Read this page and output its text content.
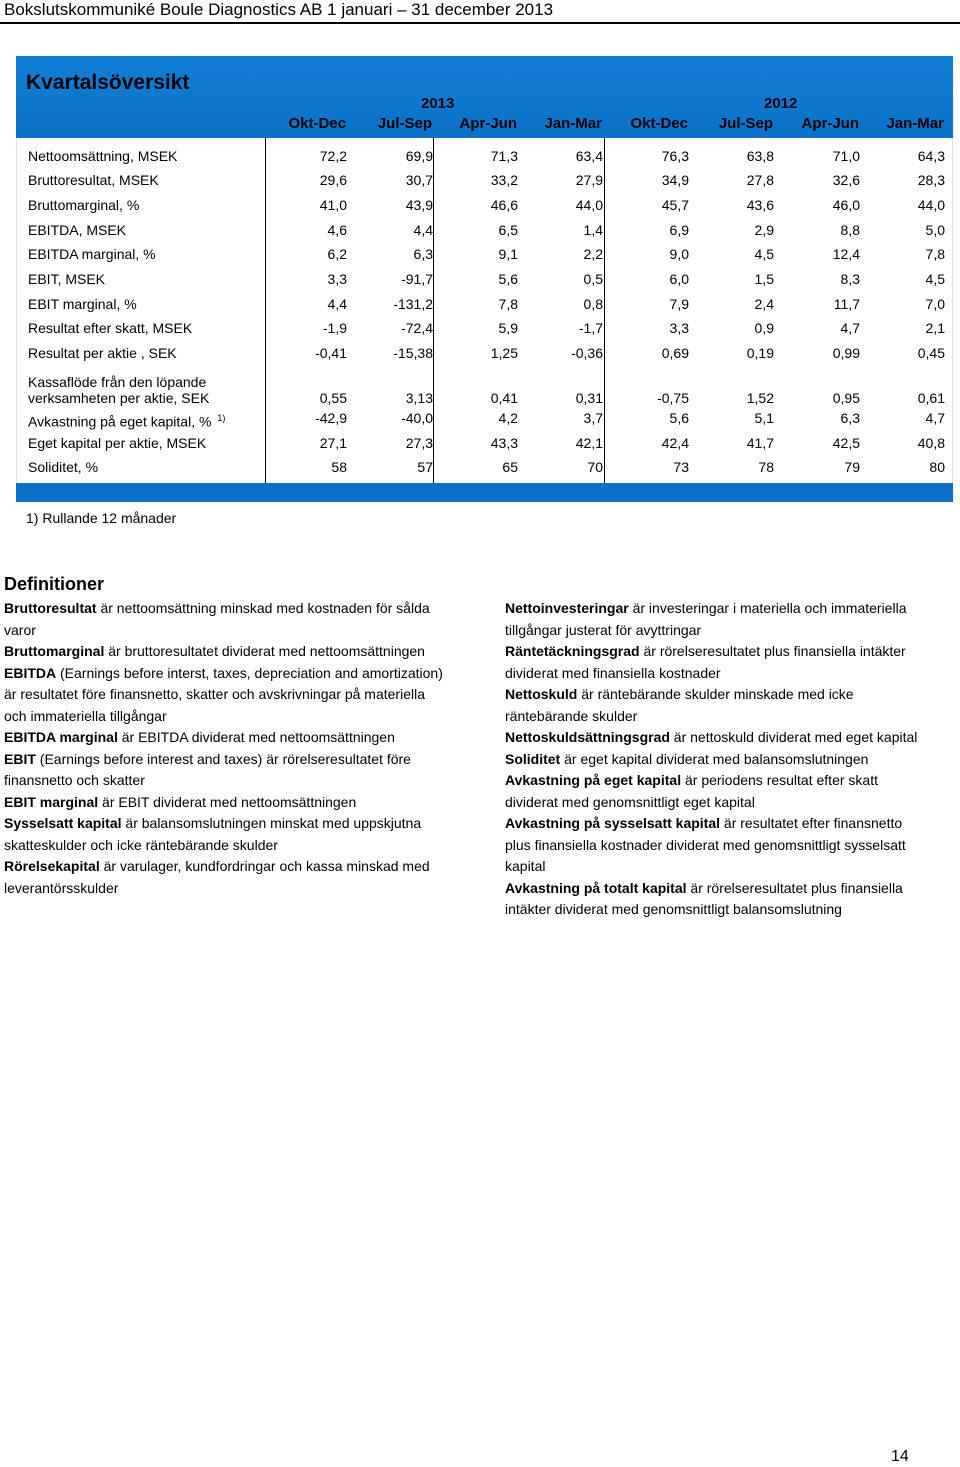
Bokslutskommuniké Boule Diagnostics AB 1 januari – 31 december 2013
Kvartalsöversikt
2013	2012
Okt-Dec	Jul-Sep	Apr-Jun	Jan-Mar	Okt-Dec	Jul-Sep	Apr-Jun	Jan-Mar
Nettoomsättning, MSEK	72,2	69,9	71,3	63,4	76,3	63,8	71,0	64,3
Bruttoresultat, MSEK	29,6	30,7	33,2	27,9	34,9	27,8	32,6	28,3
Bruttomarginal, %	41,0	43,9	46,6	44,0	45,7	43,6	46,0	44,0
EBITDA, MSEK	4,6	4,4	6,5	1,4	6,9	2,9	8,8	5,0
EBITDA marginal, %	6,2	6,3	9,1	2,2	9,0	4,5	12,4	7,8
EBIT, MSEK	3,3	-91,7	5,6	0,5	6,0	1,5	8,3	4,5
EBIT marginal, %	4,4	-131,2	7,8	0,8	7,9	2,4	11,7	7,0
Resultat efter skatt, MSEK	-1,9	-72,4	5,9	-1,7	3,3	0,9	4,7	2,1
Resultat per aktie , SEK	-0,41	-15,38	1,25	-0,36	0,69	0,19	0,99	0,45
Kassaflöde från den löpande
verksamheten per aktie, SEK	0,55	3,13	0,41	0,31	-0,75	1,52	0,95	0,61
Avkastning på eget kapital, % $^{1)}$	-42,9	-40,0	4,2	3,7	5,6	5,1	6,3	4,7
Eget kapital per aktie, MSEK	27,1	27,3	43,3	42,1	42,4	41,7	42,5	40,8
Soliditet, %	58	57	65	70	73	78	79	80
1) Rullande 12 månader
Definitioner

Bruttoresultat är nettoomsättning minskad med kostnaden för sålda varor

Bruttomarginal är bruttoresultatet dividerat med nettoomsättningen

EBITDA (Earnings before interst, taxes, depreciation and amortization) är resultatet före finansnetto, skatter och avskrivningar på materiella och immateriella tillgångar

EBITDA marginal är EBITDA dividerat med nettoomsättningen

EBIT (Earnings before interest and taxes) är rörelseresultatet före finansnetto och skatter

EBIT marginal är EBIT dividerat med nettoomsättningen

Sysselsatt kapital är balansomslutningen minskat med uppskjutna skatteskulder och icke räntebärande skulder

Rörelsekapital är varulager, kundfordringar och kassa minskad med leverantörsskulder

Nettoinvesteringar är investeringar i materiella och immateriella tillgångar justerat för avyttringar

Räntetäckningsgrad är rörelseresultatet plus finansiella intäkter dividerat med finansiella kostnader

Nettoskuld är räntebärande skulder minskade med icke räntebärande skulder

Nettoskuldsättningsgrad är nettoskuld dividerat med eget kapital

Soliditet är eget kapital dividerat med balansomslutningen

Avkastning på eget kapital är periodens resultat efter skatt dividerat med genomsnittligt eget kapital

Avkastning på sysselsatt kapital är resultatet efter finansnetto plus finansiella kostnader dividerat med genomsnittligt sysselsatt kapital

Avkastning på totalt kapital är rörelseresultatet plus finansiella intäkter dividerat med genomsnittligt balansomslutning

14
